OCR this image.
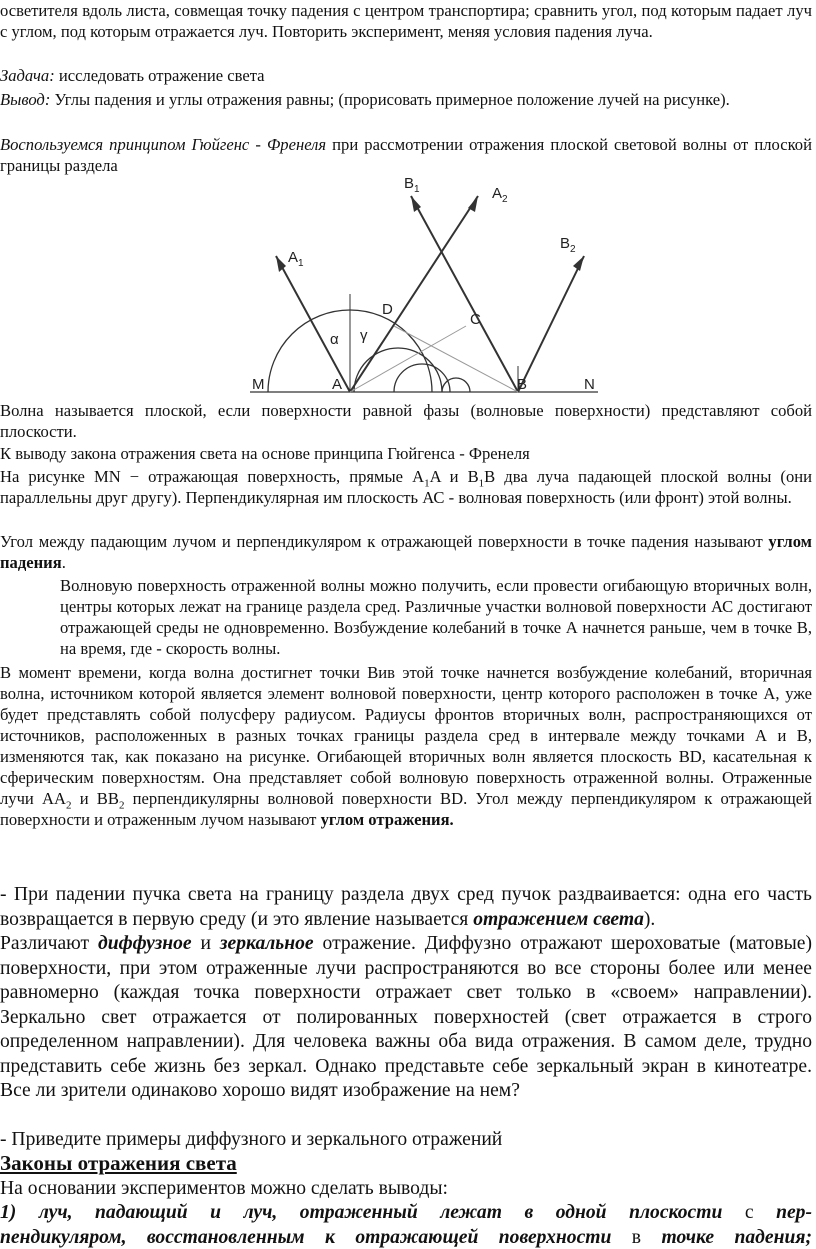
осветителя вдоль листа, совмещая точку падения с центром транспортира; сравнить угол, под которым падает луч с углом, под которым отражается луч. Повторить эксперимент, меняя условия падения луча.

Задача: исследовать отражение света

Вывод: Углы падения и углы отражения равны; (прорисовать примерное положение лучей на рисунке).

Воспользуемся принципом Гюйгенс - Френеля при рассмотрении отражения плоской световой волны от плоской границы раздела

M	A	B	N
$A_1$
$B_1$	$A_2$
$B_2$
C
D
α γ

Волна называется плоской, если поверхности равной фазы (волновые поверхности) представляют собой плоскости.

К выводу закона отражения света на основе принципа Гюйгенса - Френеля

На рисунке MN − отражающая поверхность, прямые $A_1A$ и $B_1B$ два луча падающей плоской волны (они параллельны друг другу). Перпендикулярная им плоскость АС - волновая поверхность (или фронт) этой волны.

Угол между падающим лучом и перпендикуляром к отражающей поверхности в точке падения называют углом падения.

Волновую поверхность отраженной волны можно получить, если провести огибающую вторичных волн, центры которых лежат на границе раздела сред. Различные участки волновой поверхности АС достигают отражающей среды не одновременно. Возбуждение колебаний в точке А начнется раньше, чем в точке В, на время, где - скорость волны.

В момент времени, когда волна достигнет точки Вив этой точке начнется возбуждение колебаний, вторичная волна, источником которой является элемент волновой поверхности, центр которого расположен в точке А, уже будет представлять собой полусферу радиусом. Радиусы фронтов вторичных волн, распространяющихся от источников, расположенных в разных точках границы раздела сред в интервале между точками А и В, изменяются так, как показано на рисунке. Огибающей вторичных волн является плоскость BD, касательная к сферическим поверхностям. Она представляет собой волновую поверхность отраженной волны. Отраженные лучи $АА_2$ и $ВВ_2$ перпендикулярны волновой поверхности BD. Угол между перпендикуляром к отражающей поверхности и отраженным лучом называют углом отражения.

- При падении пучка света на границу раздела двух сред пучок раздваивается: одна его часть возвращается в первую среду (и это явление называется отражением света).

Различают диффузное и зеркальное отражение. Диффузно отражают шероховатые (матовые) поверхности, при этом отраженные лучи распространяются во все стороны более или менее равномерно (каждая точка поверхности отражает свет только в «своем» направлении). Зеркально свет отражается от полированных поверхностей (свет отражается в строго определенном направлении). Для человека важны оба вида отражения. В самом деле, трудно представить себе жизнь без зеркал. Однако представьте себе зеркальный экран в кинотеатре. Все ли зрители одинаково хорошо видят изображение на нем?

- Приведите примеры диффузного и зеркального отражений

Законы отражения света

На основании экспериментов можно сделать выводы:

1) луч, падающий и луч, отраженный лежат в одной плоскости с пер-
пендикуляром, восстановленным к отражающей поверхности в точке падения;
